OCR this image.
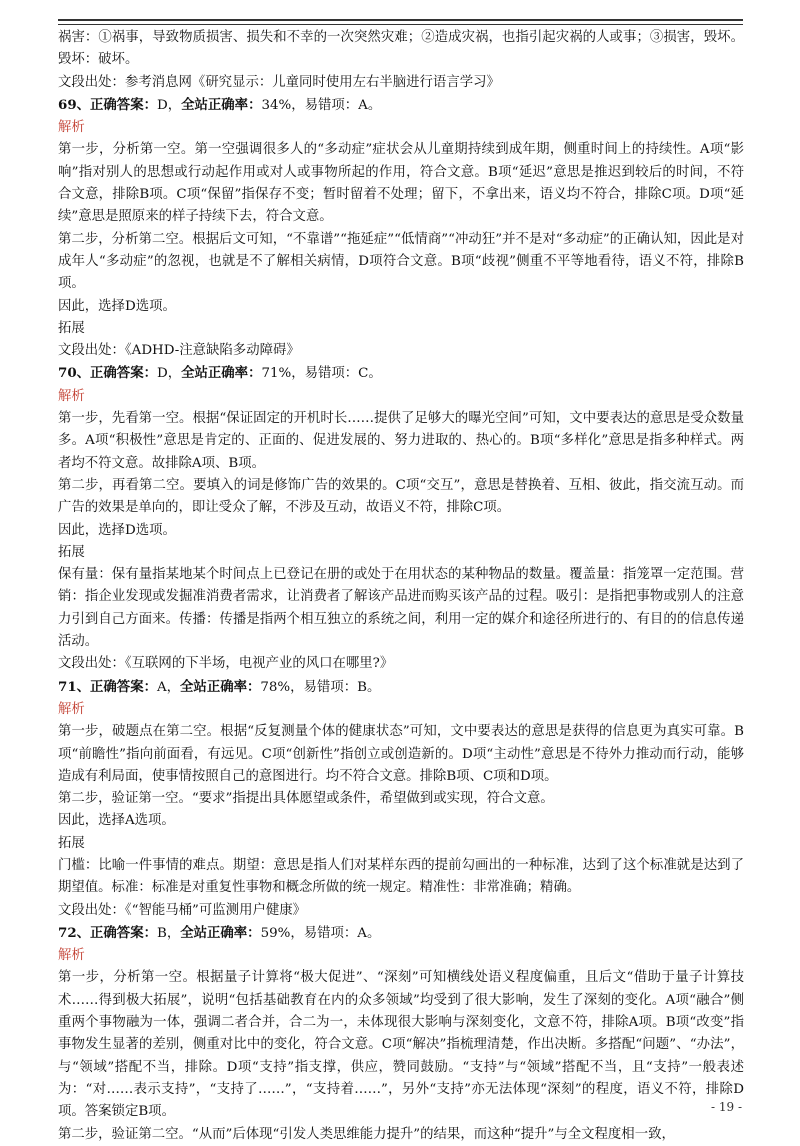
祸害：①祸事，导致物质损害、损失和不幸的一次突然灾难；②造成灾祸，也指引起灾祸的人或事；③损害，毁坏。毁坏：破坏。

文段出处：参考消息网《研究显示：儿童同时使用左右半脑进行语言学习》

69、正确答案：D，全站正确率：34%，易错项：A。

解析

第一步，分析第一空。第一空强调很多人的“多动症”症状会从儿童期持续到成年期，侧重时间上的持续性。A项“影响”指对别人的思想或行动起作用或对人或事物所起的作用，符合文意。B项“延迟”意思是推迟到较后的时间，不符合文意，排除B项。C项“保留”指保存不变；暂时留着不处理；留下，不拿出来，语义均不符合，排除C项。D项“延续”意思是照原来的样子持续下去，符合文意。

第二步，分析第二空。根据后文可知，“不靠谱”“拖延症”“低情商”“冲动狂”并不是对“多动症”的正确认知，因此是对成年人“多动症”的忽视，也就是不了解相关病情，D项符合文意。B项“歧视”侧重不平等地看待，语义不符，排除B项。

因此，选择D选项。

拓展

文段出处：《ADHD-注意缺陷多动障碍》

70、正确答案：D，全站正确率：71%，易错项：C。

解析

第一步，先看第一空。根据“保证固定的开机时长……提供了足够大的曝光空间”可知，文中要表达的意思是受众数量多。A项“积极性”意思是肯定的、正面的、促进发展的、努力进取的、热心的。B项“多样化”意思是指多种样式。两者均不符文意。故排除A项、B项。

第二步，再看第二空。要填入的词是修饰广告的效果的。C项“交互”，意思是替换着、互相、彼此，指交流互动。而广告的效果是单向的，即让受众了解，不涉及互动，故语义不符，排除C项。

因此，选择D选项。

拓展

保有量：保有量指某地某个时间点上已登记在册的或处于在用状态的某种物品的数量。覆盖量：指笼罩一定范围。营销：指企业发现或发掘准消费者需求，让消费者了解该产品进而购买该产品的过程。吸引：是指把事物或别人的注意力引到自己方面来。传播：传播是指两个相互独立的系统之间，利用一定的媒介和途径所进行的、有目的的信息传递活动。

文段出处：《互联网的下半场，电视产业的风口在哪里?》

71、正确答案：A，全站正确率：78%，易错项：B。

解析

第一步，破题点在第二空。根据“反复测量个体的健康状态”可知，文中要表达的意思是获得的信息更为真实可靠。B项“前瞻性”指向前面看，有远见。C项“创新性”指创立或创造新的。D项“主动性”意思是不待外力推动而行动，能够造成有利局面，使事情按照自己的意图进行。均不符合文意。排除B项、C项和D项。

第二步，验证第一空。“要求”指提出具体愿望或条件，希望做到或实现，符合文意。

因此，选择A选项。

拓展

门槛：比喻一件事情的难点。期望：意思是指人们对某样东西的提前勾画出的一种标准，达到了这个标准就是达到了期望值。标准：标准是对重复性事物和概念所做的统一规定。精准性：非常准确；精确。

文段出处：《“智能马桶”可监测用户健康》

72、正确答案：B，全站正确率：59%，易错项：A。

解析

第一步，分析第一空。根据量子计算将“极大促进”、“深刻”可知横线处语义程度偏重，且后文“借助于量子计算技术……得到极大拓展”，说明“包括基础教育在内的众多领域”均受到了很大影响，发生了深刻的变化。A项“融合”侧重两个事物融为一体，强调二者合并，合二为一，未体现很大影响与深刻变化，文意不符，排除A项。B项“改变”指事物发生显著的差别，侧重对比中的变化，符合文意。C项“解决”指梳理清楚，作出决断。多搭配“问题”、“办法”，与“领域”搭配不当，排除。D项“支持”指支撑，供应，赞同鼓励。“支持”与“领域”搭配不当，且“支持”一般表述为：“对……表示支持”，“支持了……”，“支持着……”，另外“支持”亦无法体现“深刻”的程度，语义不符，排除D项。答案锁定B项。

第二步，验证第二空。“从而”后体现“引发人类思维能力提升”的结果，而这种“提升”与全文程度相一致，

- 19 -
